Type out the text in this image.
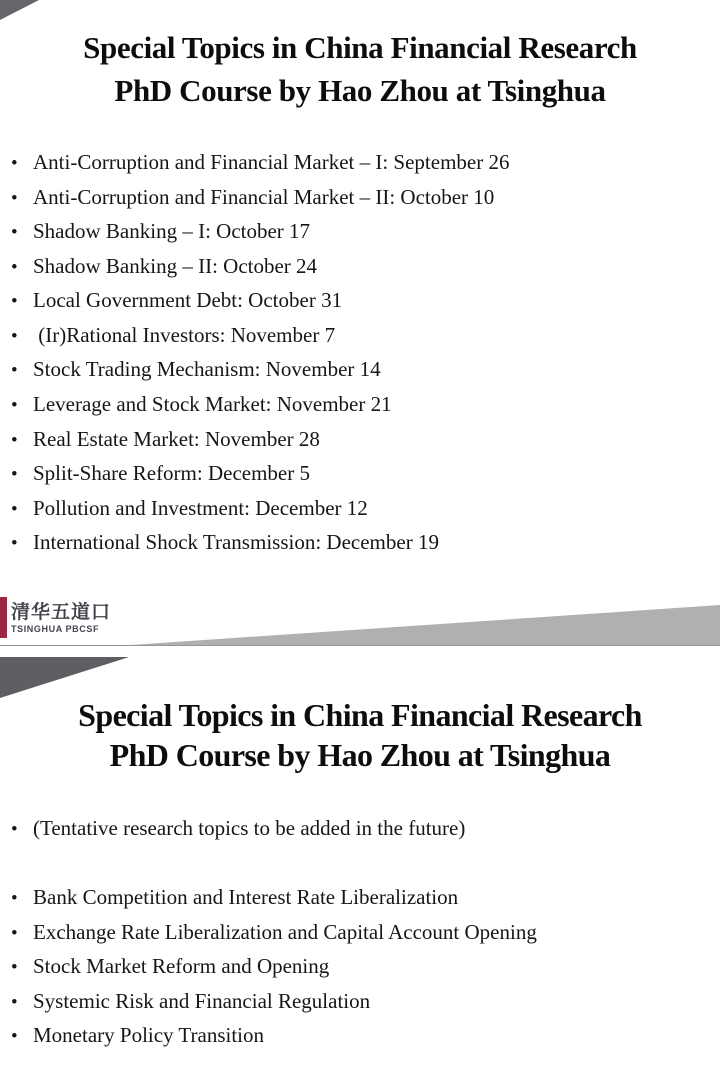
Special Topics in China Financial Research
PhD Course by Hao Zhou at Tsinghua
• Anti-Corruption and Financial Market – I: September 26
• Anti-Corruption and Financial Market – II: October 10
• Shadow Banking – I: October 17
• Shadow Banking – II: October 24
• Local Government Debt: October 31
• (Ir)Rational Investors: November 7
• Stock Trading Mechanism: November 14
• Leverage and Stock Market: November 21
• Real Estate Market: November 28
• Split-Share Reform: December 5
• Pollution and Investment: December 12
• International Shock Transmission: December 19
清华五道口
TSINGHUA PBCSF
Special Topics in China Financial Research
PhD Course by Hao Zhou at Tsinghua
• (Tentative research topics to be added in the future)
• Bank Competition and Interest Rate Liberalization
• Exchange Rate Liberalization and Capital Account Opening
• Stock Market Reform and Opening
• Systemic Risk and Financial Regulation
• Monetary Policy Transition
